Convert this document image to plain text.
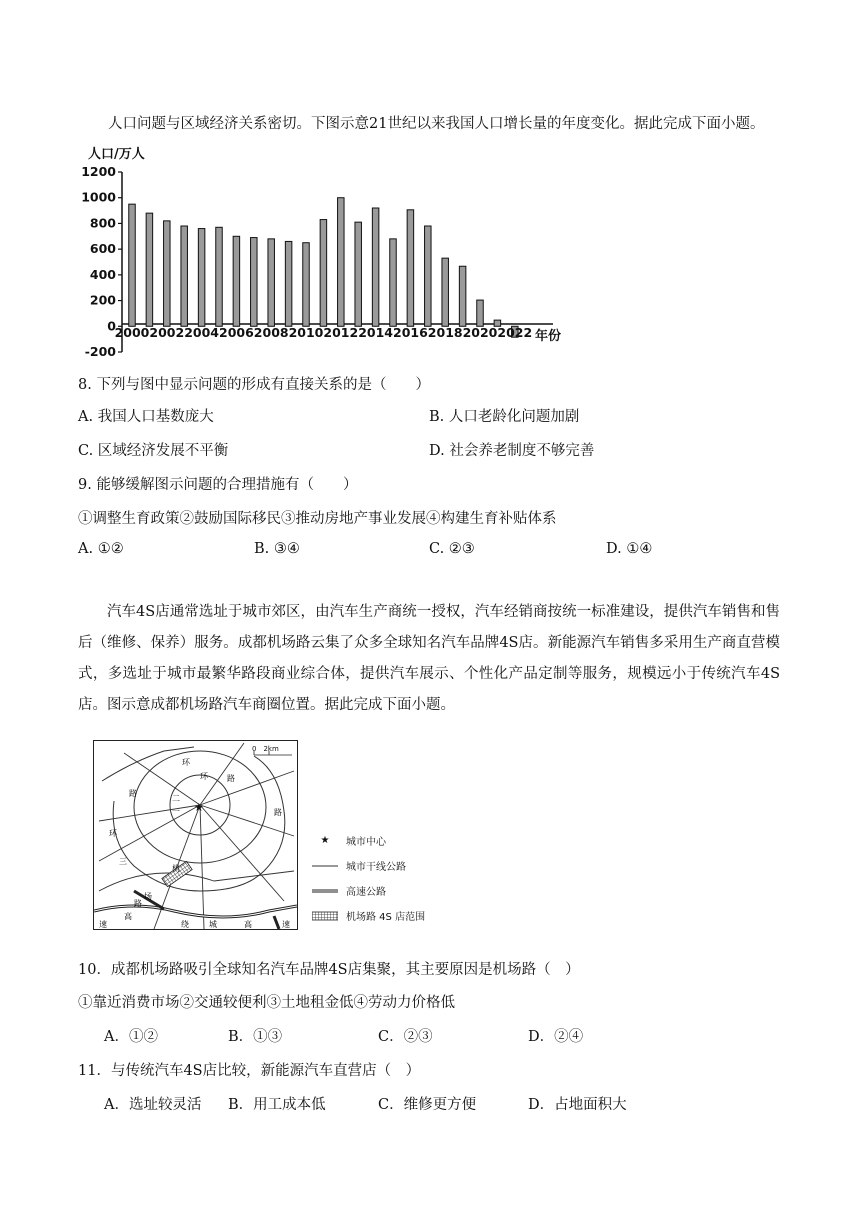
人口问题与区域经济关系密切。下图示意21世纪以来我国人口增长量的年度变化。据此完成下面小题。
人口/万人
-200
0
200
400
600
800
1000
1200
2000 2002 2004 2006 2008 2010 2012 2014 2016 2018 2020 2022 年份
8. 下列与图中显示问题的形成有直接关系的是（　　）
A. 我国人口基数庞大	B. 人口老龄化问题加剧
C. 区域经济发展不平衡	D. 社会养老制度不够完善
9. 能够缓解图示问题的合理措施有（　　）
①调整生育政策②鼓励国际移民③推动房地产事业发展④构建生育补贴体系
A. ①②	B. ③④	C. ②③	D. ①④

汽车4S店通常选址于城市郊区，由汽车生产商统一授权，汽车经销商按统一标准建设，提供汽车销售和售后（维修、保养）服务。成都机场路云集了众多全球知名汽车品牌4S店。新能源汽车销售多采用生产商直营模式，多选址于城市最繁华路段商业综合体，提供汽车展示、个性化产品定制等服务，规模远小于传统汽车4S店。图示意成都机场路汽车商圈位置。据此完成下面小题。

★
0　2km
路
环
路
环
二
一
环
三
机
场
路
路
速
高
绕	城	高	速
★	城市中心
城市干线公路
高速公路
机场路 4S 店范围
10．成都机场路吸引全球知名汽车品牌4S店集聚，其主要原因是机场路（　）
①靠近消费市场②交通较便利③土地租金低④劳动力价格低
A．①②	B．①③	C．②③	D．②④
11．与传统汽车4S店比较，新能源汽车直营店（　）
A．选址较灵活 B．用工成本低	C．维修更方便	D．占地面积大
